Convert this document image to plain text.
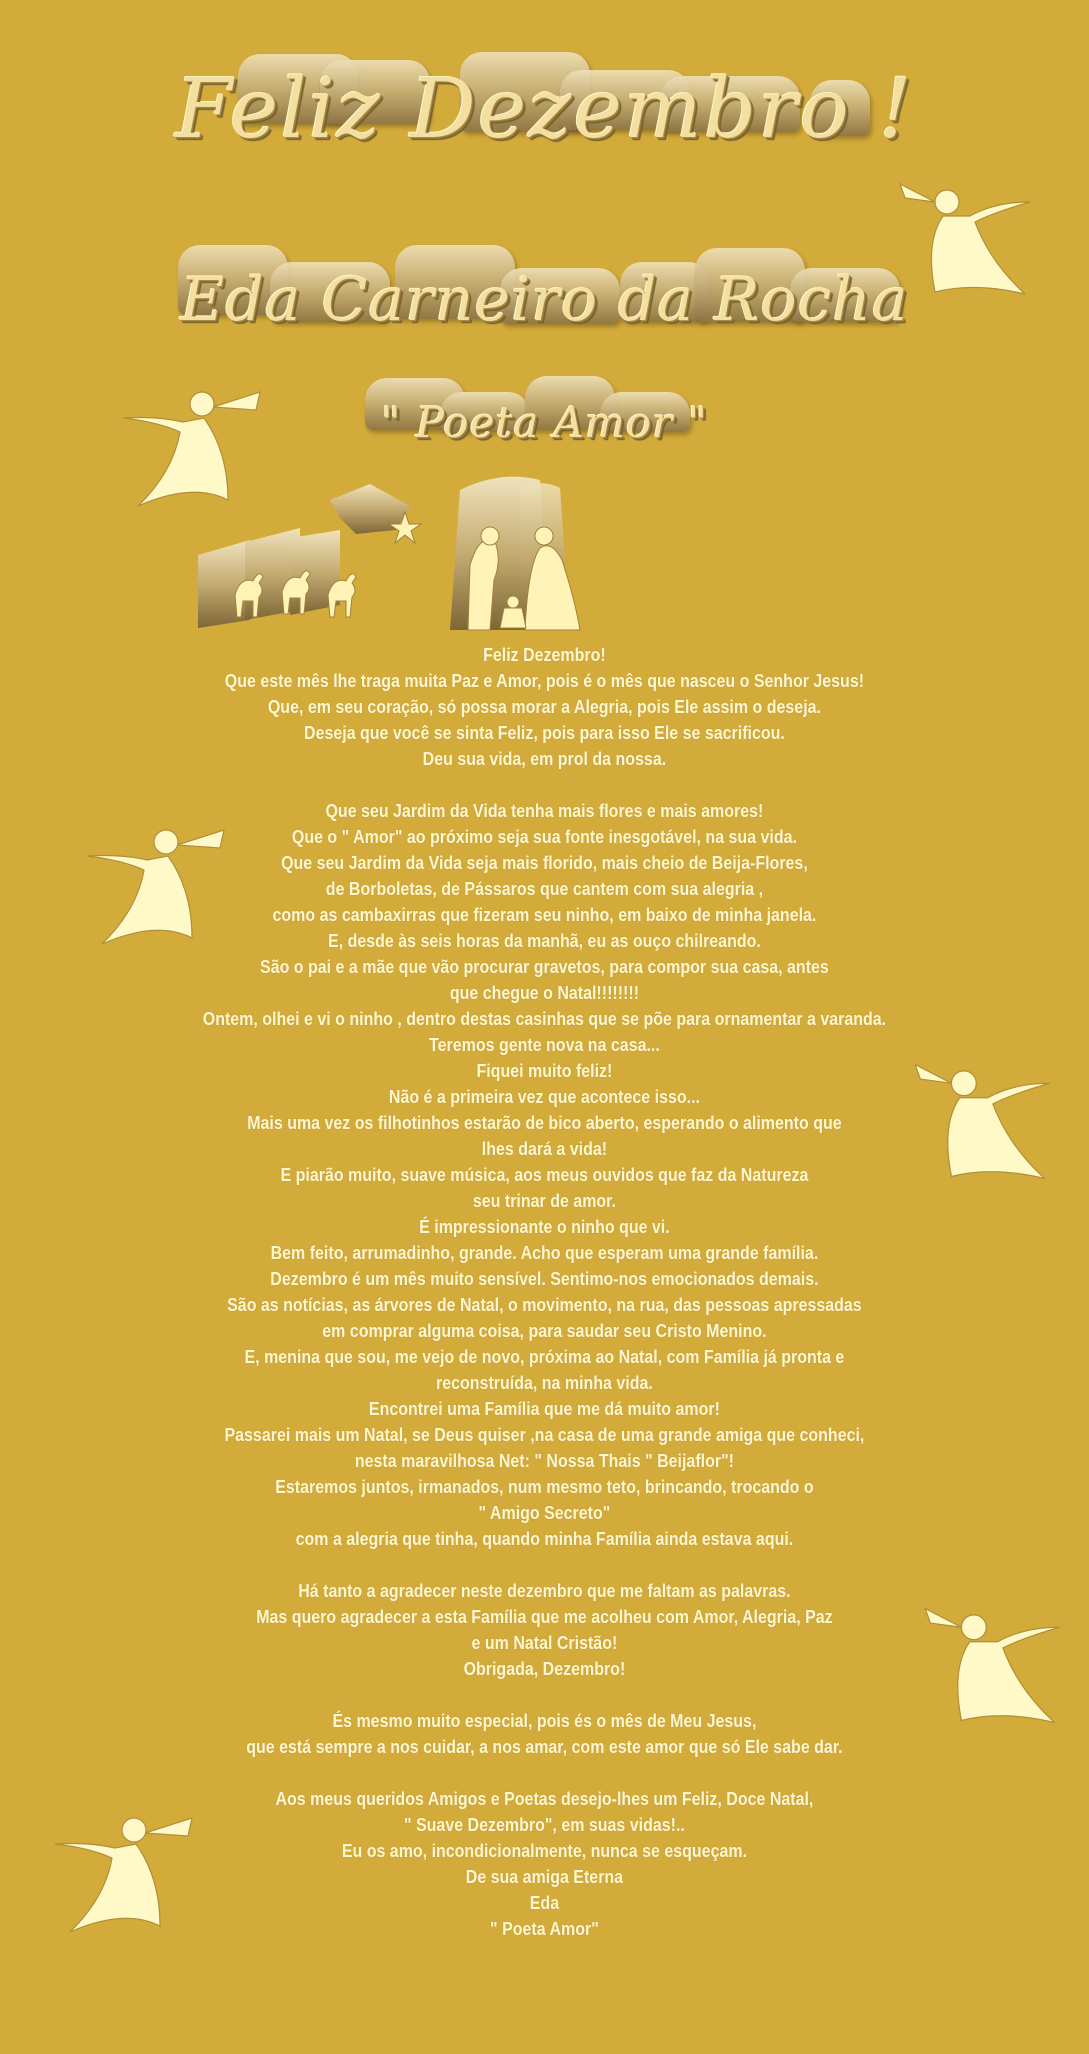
Feliz Dezembro !
Eda Carneiro da Rocha
" Poeta Amor "
Feliz Dezembro!
Que este mês lhe traga muita Paz e Amor, pois é o mês que nasceu o Senhor Jesus!
Que, em seu coração, só possa morar a Alegria, pois Ele assim o deseja.
Deseja que você se sinta Feliz, pois para isso Ele se sacrificou.
Deu sua vida, em prol da nossa.
Que seu Jardim da Vida tenha mais flores e mais amores!
Que o " Amor" ao próximo seja sua fonte inesgotável, na sua vida.
Que seu Jardim da Vida seja mais florido, mais cheio de Beija-Flores,
de Borboletas, de Pássaros que cantem com sua alegria ,
como as cambaxirras que fizeram seu ninho, em baixo de minha janela.
E, desde às seis horas da manhã, eu as ouço chilreando.
São o pai e a mãe que vão procurar gravetos, para compor sua casa, antes
que chegue o Natal!!!!!!!!
Ontem, olhei e vi o ninho , dentro destas casinhas que se põe para ornamentar a varanda.
Teremos gente nova na casa...
Fiquei muito feliz!
Não é a primeira vez que acontece isso...
Mais uma vez os filhotinhos estarão de bico aberto, esperando o alimento que
lhes dará a vida!
E piarão muito, suave música, aos meus ouvidos que faz da Natureza
seu trinar de amor.
É impressionante o ninho que vi.
Bem feito, arrumadinho, grande. Acho que esperam uma grande família.
Dezembro é um mês muito sensível. Sentimo-nos emocionados demais.
São as notícias, as árvores de Natal, o movimento, na rua, das pessoas apressadas
em comprar alguma coisa, para saudar seu Cristo Menino.
E, menina que sou, me vejo de novo, próxima ao Natal, com Família já pronta e
reconstruída, na minha vida.
Encontrei uma Família que me dá muito amor!
Passarei mais um Natal, se Deus quiser ,na casa de uma grande amiga que conheci,
nesta maravilhosa Net: " Nossa Thais " Beijaflor"!
Estaremos juntos, irmanados, num mesmo teto, brincando, trocando o
" Amigo Secreto"
com a alegria que tinha, quando minha Família ainda estava aqui.
Há tanto a agradecer neste dezembro que me faltam as palavras.
Mas quero agradecer a esta Família que me acolheu com Amor, Alegria, Paz
e um Natal Cristão!
Obrigada, Dezembro!
És mesmo muito especial, pois és o mês de Meu Jesus,
que está sempre a nos cuidar, a nos amar, com este amor que só Ele sabe dar.
Aos meus queridos Amigos e Poetas desejo-lhes um Feliz, Doce Natal,
" Suave Dezembro", em suas vidas!..
Eu os amo, incondicionalmente, nunca se esqueçam.
De sua amiga Eterna
Eda
" Poeta Amor"
